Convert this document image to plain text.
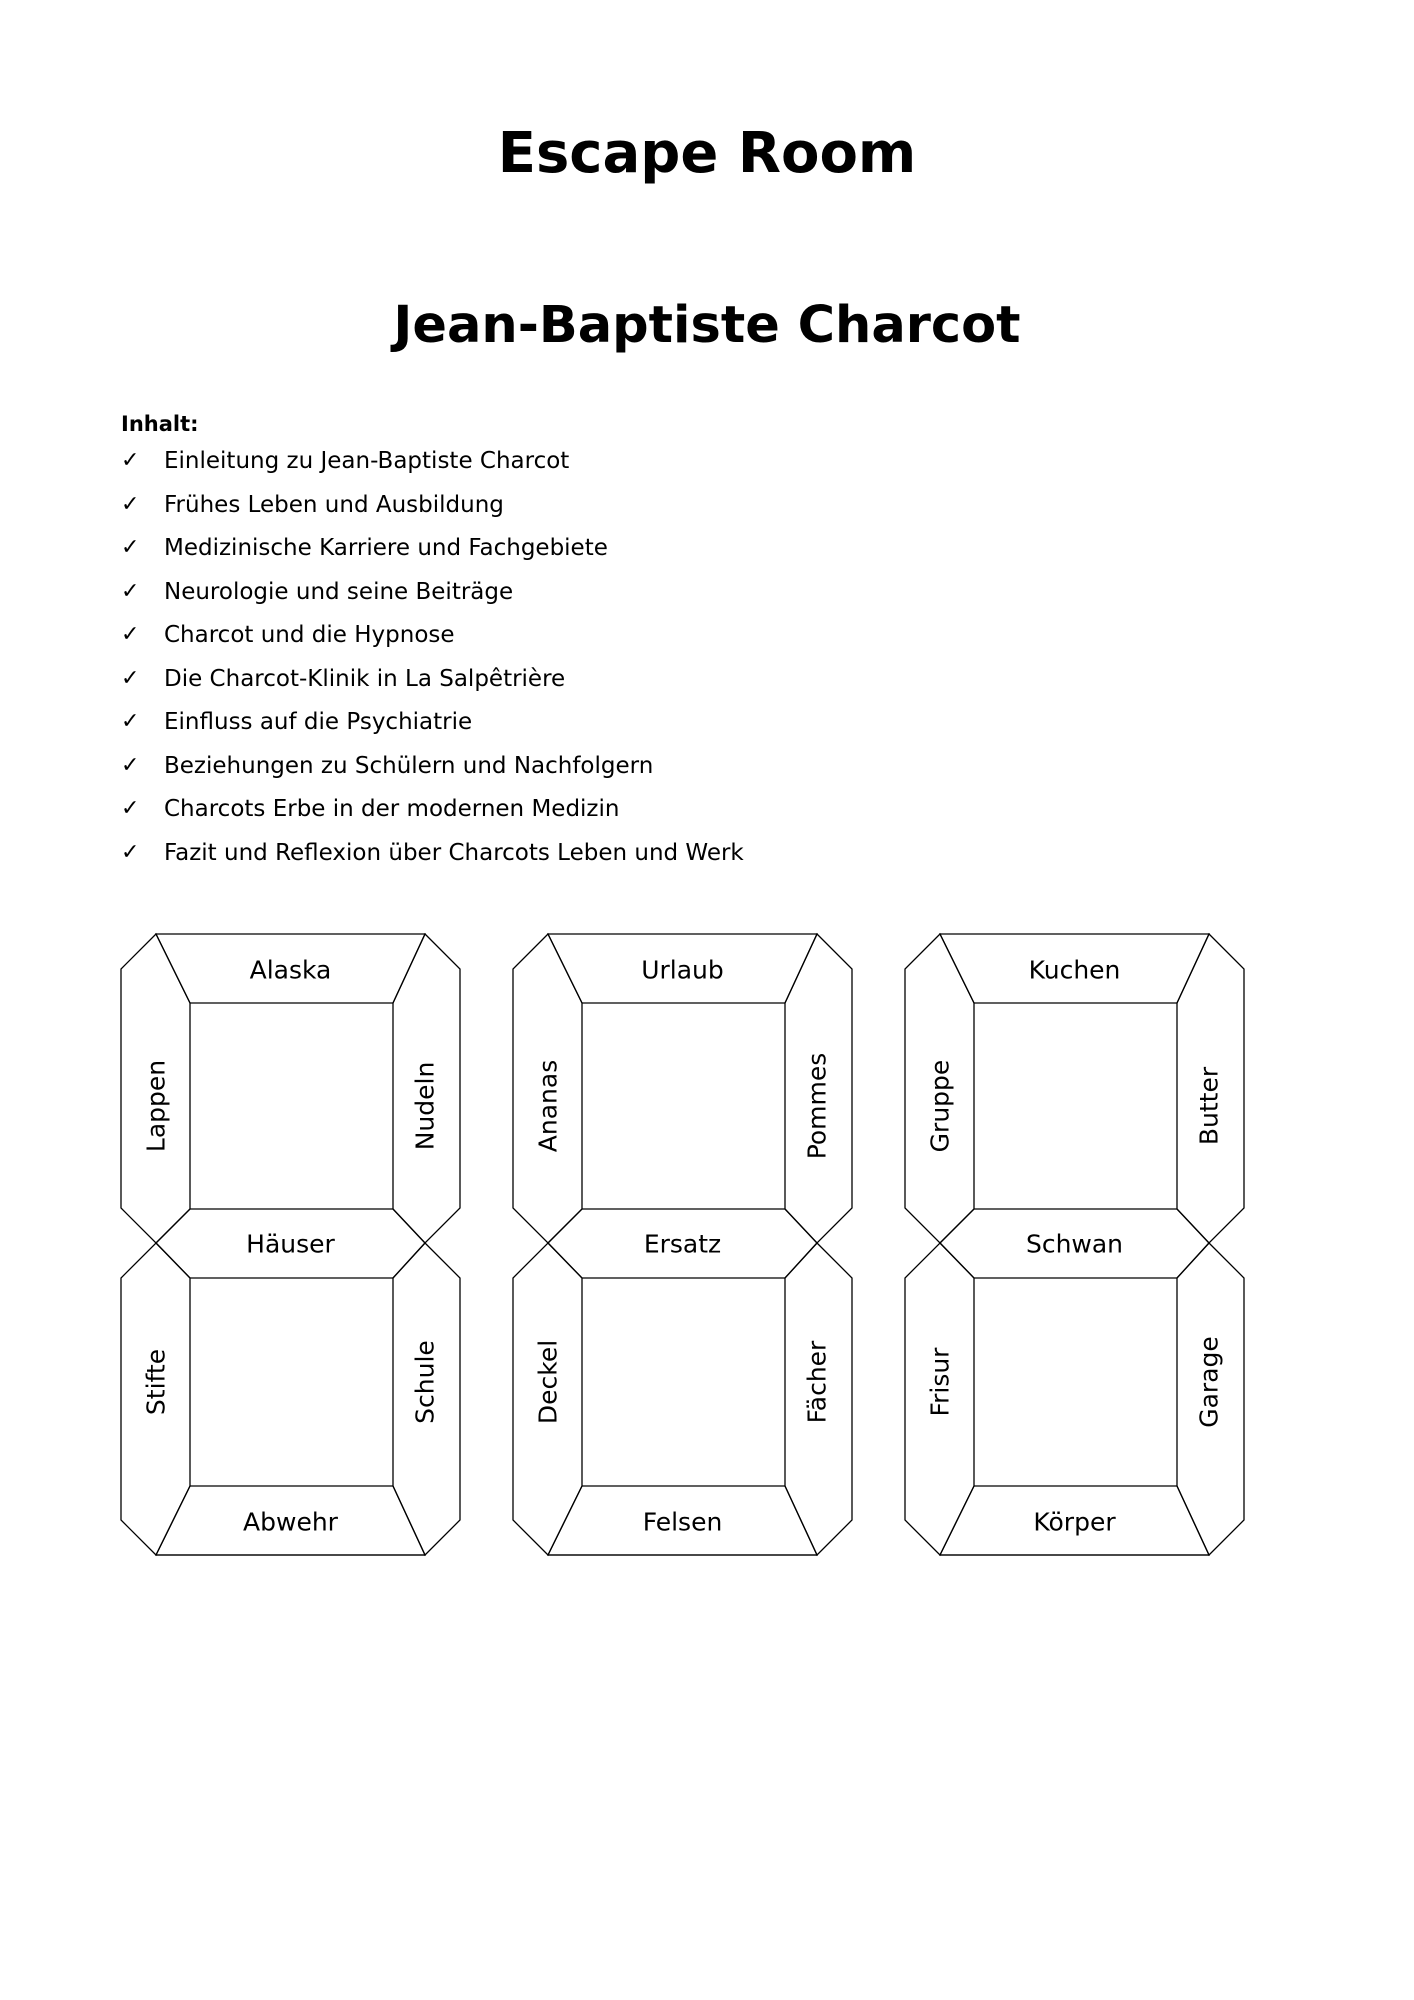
Escape Room
Jean-Baptiste Charcot

Inhalt:

✓	Einleitung zu Jean-Baptiste Charcot
✓	Frühes Leben und Ausbildung
✓	Medizinische Karriere und Fachgebiete
✓	Neurologie und seine Beiträge
✓	Charcot und die Hypnose
✓	Die Charcot-Klinik in La Salpêtrière
✓	Einfluss auf die Psychiatrie
✓	Beziehungen zu Schülern und Nachfolgern
✓	Charcots Erbe in der modernen Medizin
✓	Fazit und Reflexion über Charcots Leben und Werk
Alaska
Häuser
Abwehr
Lappen	Nudeln
Stifte	Schule
Urlaub
Ersatz
Felsen
Ananas	Pommes
Deckel	Fächer
Kuchen
Schwan
Körper
Gruppe	Butter
Frisur	Garage
